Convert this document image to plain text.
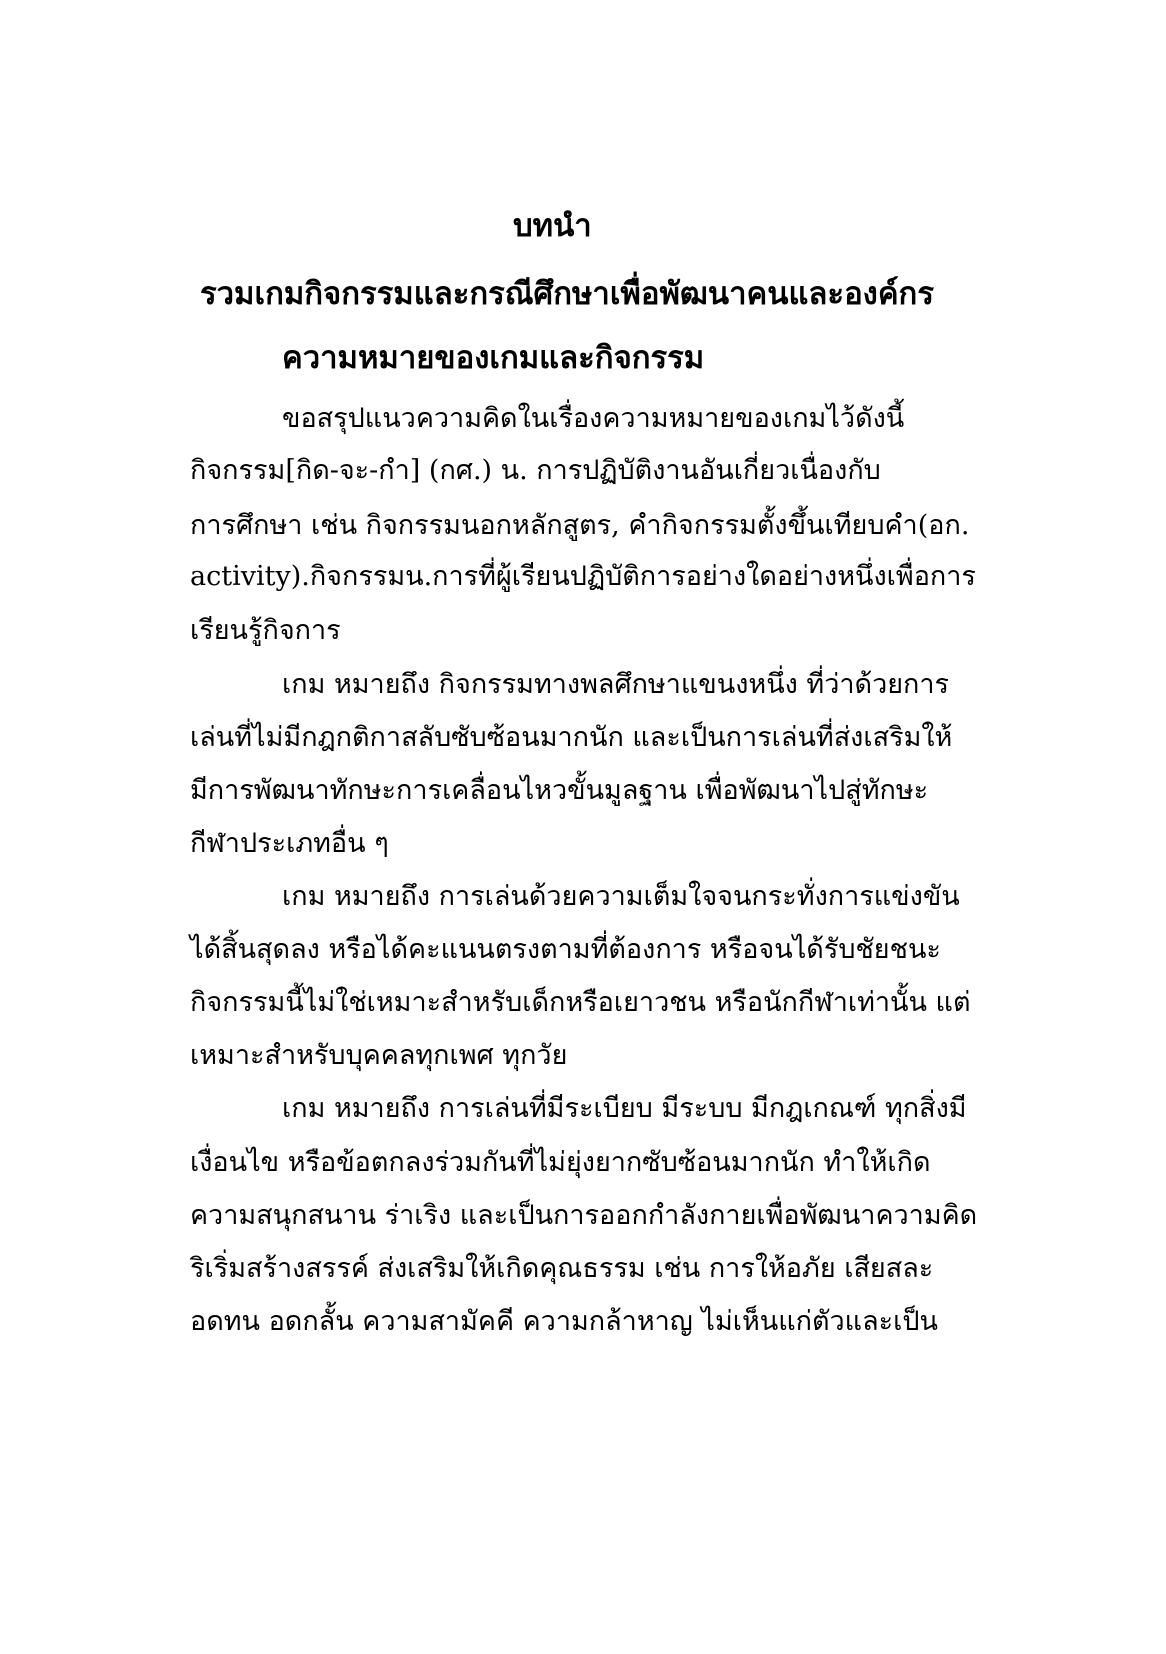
บทนำ
รวมเกมกิจกรรมและกรณีศึกษาเพื่อพัฒนาคนและองค์กร
ความหมายของเกมและกิจกรรม
ขอสรุปแนวความคิดในเรื่องความหมายของเกมไว้ดังนี้
กิจกรรม[กิด-จะ-กำ] (กศ.) น. การปฏิบัติงานอันเกี่ยวเนื่องกับ
การศึกษา เช่น กิจกรรมนอกหลักสูตร, คำกิจกรรมตั้งขึ้นเทียบคำ(อก.
activity).กิจกรรมน.การที่ผู้เรียนปฏิบัติการอย่างใดอย่างหนึ่งเพื่อการ
เรียนรู้กิจการ
เกม หมายถึง กิจกรรมทางพลศึกษาแขนงหนึ่ง ที่ว่าด้วยการ
เล่นที่ไม่มีกฎกติกาสลับซับซ้อนมากนัก และเป็นการเล่นที่ส่งเสริมให้
มีการพัฒนาทักษะการเคลื่อนไหวขั้นมูลฐาน เพื่อพัฒนาไปสู่ทักษะ
กีฬาประเภทอื่น ๆ
เกม หมายถึง การเล่นด้วยความเต็มใจจนกระทั่งการแข่งขัน
ได้สิ้นสุดลง หรือได้คะแนนตรงตามที่ต้องการ หรือจนได้รับชัยชนะ
กิจกรรมนี้ไม่ใช่เหมาะสำหรับเด็กหรือเยาวชน หรือนักกีฬาเท่านั้น แต่
เหมาะสำหรับบุคคลทุกเพศ ทุกวัย
เกม หมายถึง การเล่นที่มีระเบียบ มีระบบ มีกฎเกณฑ์ ทุกสิ่งมี
เงื่อนไข หรือข้อตกลงร่วมกันที่ไม่ยุ่งยากซับซ้อนมากนัก ทำให้เกิด
ความสนุกสนาน ร่าเริง และเป็นการออกกำลังกายเพื่อพัฒนาความคิด
ริเริ่มสร้างสรรค์ ส่งเสริมให้เกิดคุณธรรม เช่น การให้อภัย เสียสละ
อดทน อดกลั้น ความสามัคคี ความกล้าหาญ ไม่เห็นแก่ตัวและเป็น
